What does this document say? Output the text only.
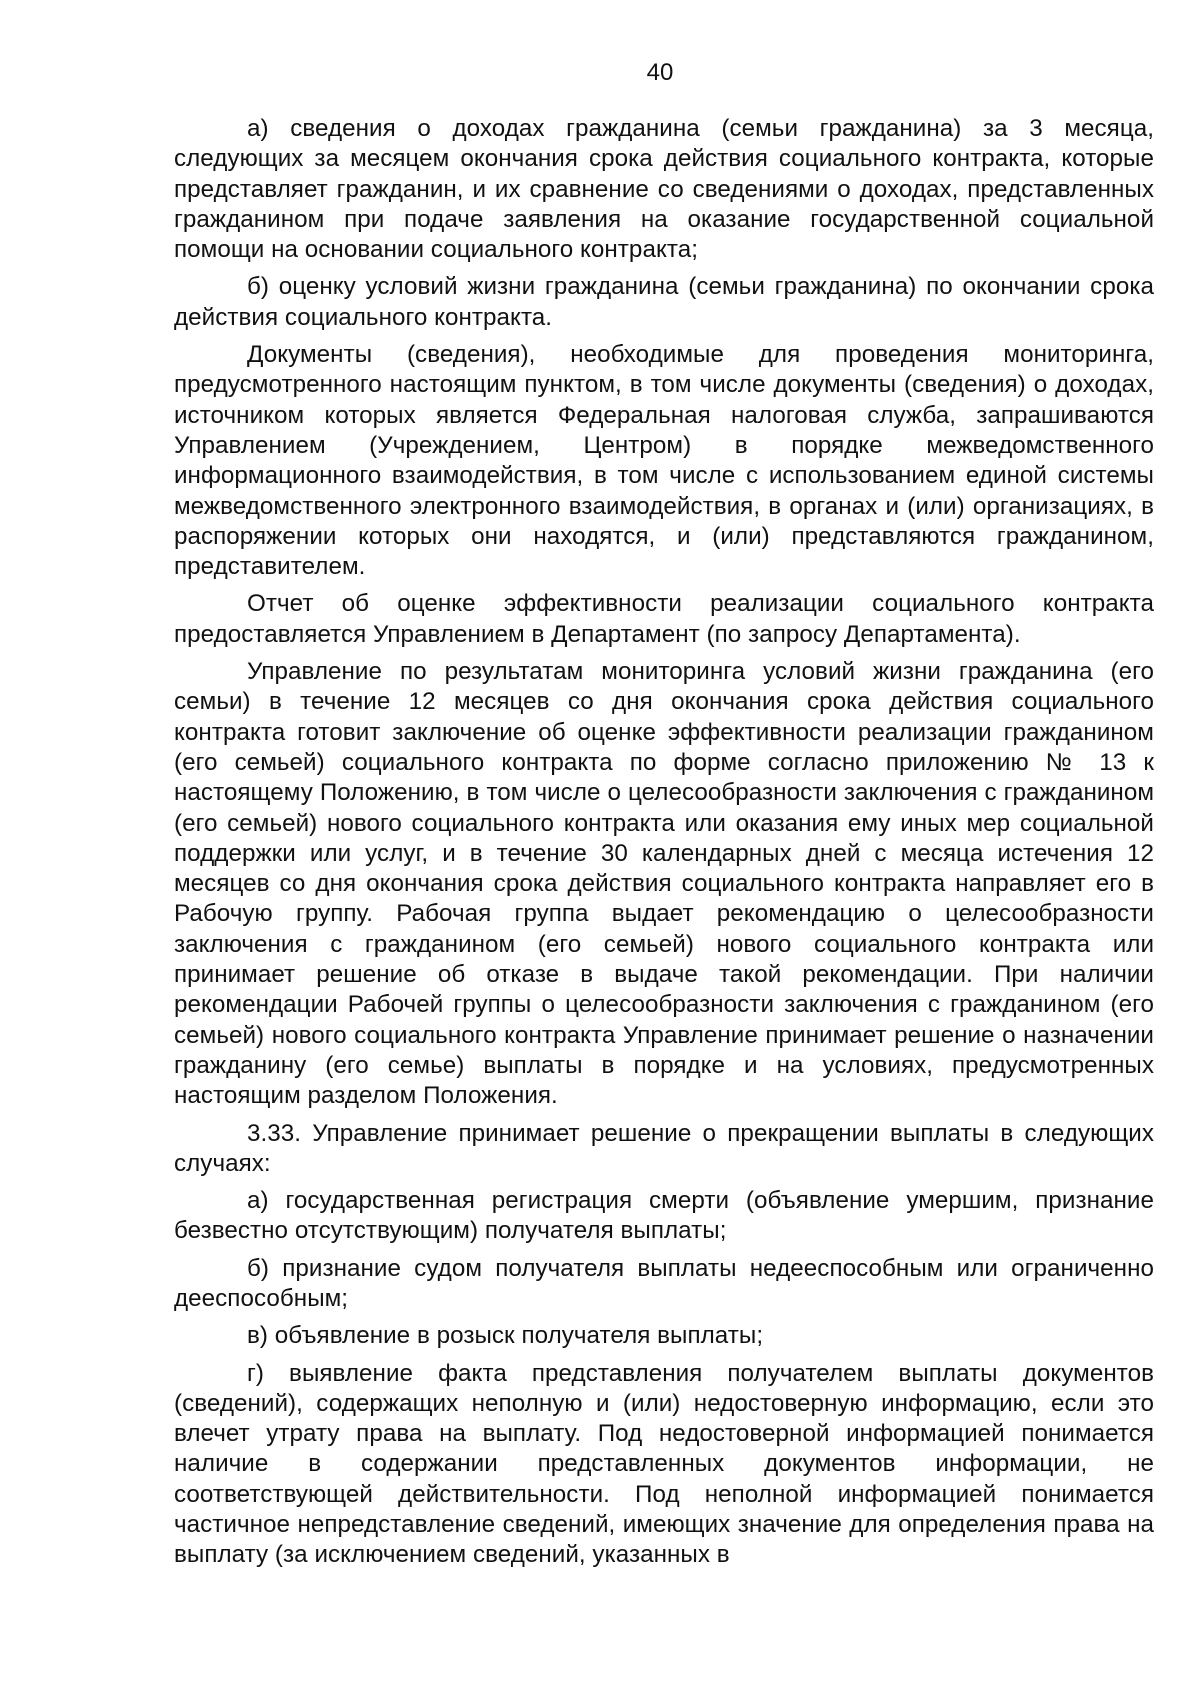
40

а) сведения о доходах гражданина (семьи гражданина) за 3 месяца, следующих за месяцем окончания срока действия социального контракта, которые представляет гражданин, и их сравнение со сведениями о доходах, представленных гражданином при подаче заявления на оказание государственной социальной помощи на основании социального контракта;

б) оценку условий жизни гражданина (семьи гражданина) по окончании срока действия социального контракта.

Документы (сведения), необходимые для проведения мониторинга, предусмотренного настоящим пунктом, в том числе документы (сведения) о доходах, источником которых является Федеральная налоговая служба, запрашиваются Управлением (Учреждением, Центром) в порядке межведомственного информационного взаимодействия, в том числе с использованием единой системы межведомственного электронного взаимодействия, в органах и (или) организациях, в распоряжении которых они находятся, и (или) представляются гражданином, представителем.

Отчет об оценке эффективности реализации социального контракта предоставляется Управлением в Департамент (по запросу Департамента).

Управление по результатам мониторинга условий жизни гражданина (его семьи) в течение 12 месяцев со дня окончания срока действия социального контракта готовит заключение об оценке эффективности реализации гражданином (его семьей) социального контракта по форме согласно приложению № 13 к настоящему Положению, в том числе о целесообразности заключения с гражданином (его семьей) нового социального контракта или оказания ему иных мер социальной поддержки или услуг, и в течение 30 календарных дней с месяца истечения 12 месяцев со дня окончания срока действия социального контракта направляет его в Рабочую группу. Рабочая группа выдает рекомендацию о целесообразности заключения с гражданином (его семьей) нового социального контракта или принимает решение об отказе в выдаче такой рекомендации. При наличии рекомендации Рабочей группы о целесообразности заключения с гражданином (его семьей) нового социального контракта Управление принимает решение о назначении гражданину (его семье) выплаты в порядке и на условиях, предусмотренных настоящим разделом Положения.

3.33. Управление принимает решение о прекращении выплаты в следующих случаях:

а) государственная регистрация смерти (объявление умершим, признание безвестно отсутствующим) получателя выплаты;

б) признание судом получателя выплаты недееспособным или ограниченно дееспособным;

в) объявление в розыск получателя выплаты;

г) выявление факта представления получателем выплаты документов (сведений), содержащих неполную и (или) недостоверную информацию, если это влечет утрату права на выплату. Под недостоверной информацией понимается наличие в содержании представленных документов информации, не соответствующей действительности. Под неполной информацией понимается частичное непредставление сведений, имеющих значение для определения права на выплату (за исключением сведений, указанных в
